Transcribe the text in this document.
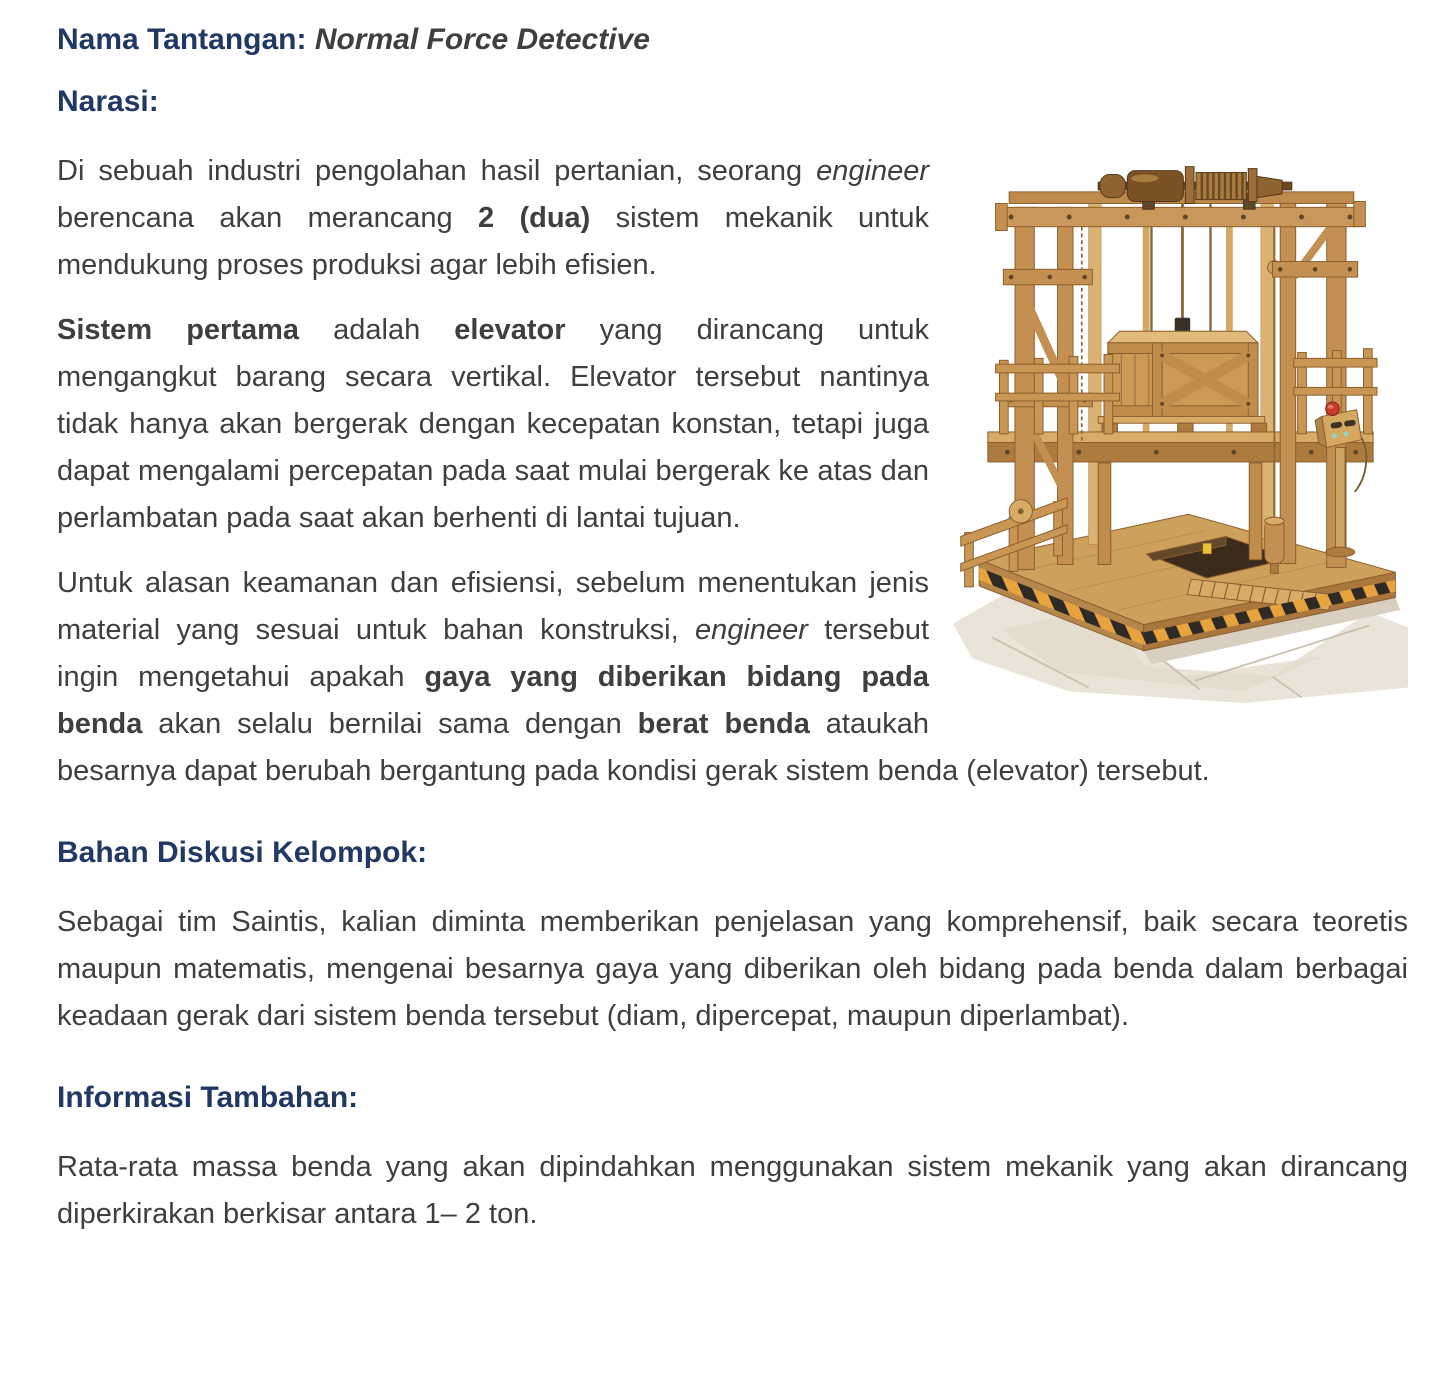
Nama Tantangan: Normal Force Detective
Narasi:

Di sebuah industri pengolahan hasil pertanian, seorang engineer berencana akan merancang 2 (dua) sistem mekanik untuk mendukung proses produksi agar lebih efisien.

Sistem pertama adalah elevator yang dirancang untuk mengangkut barang secara vertikal. Elevator tersebut nantinya tidak hanya akan bergerak dengan kecepatan konstan, tetapi juga dapat mengalami percepatan pada saat mulai bergerak ke atas dan perlambatan pada saat akan berhenti di lantai tujuan.

Untuk alasan keamanan dan efisiensi, sebelum menentukan jenis material yang sesuai untuk bahan konstruksi, engineer tersebut ingin mengetahui apakah gaya yang diberikan bidang pada benda akan selalu bernilai sama dengan berat benda ataukah besarnya dapat berubah bergantung pada kondisi gerak sistem benda (elevator) tersebut.

Bahan Diskusi Kelompok:

Sebagai tim Saintis, kalian diminta memberikan penjelasan yang komprehensif, baik secara teoretis maupun matematis, mengenai besarnya gaya yang diberikan oleh bidang pada benda dalam berbagai keadaan gerak dari sistem benda tersebut (diam, dipercepat, maupun diperlambat).

Informasi Tambahan:

Rata-rata massa benda yang akan dipindahkan menggunakan sistem mekanik yang akan dirancang diperkirakan berkisar antara 1– 2 ton.
